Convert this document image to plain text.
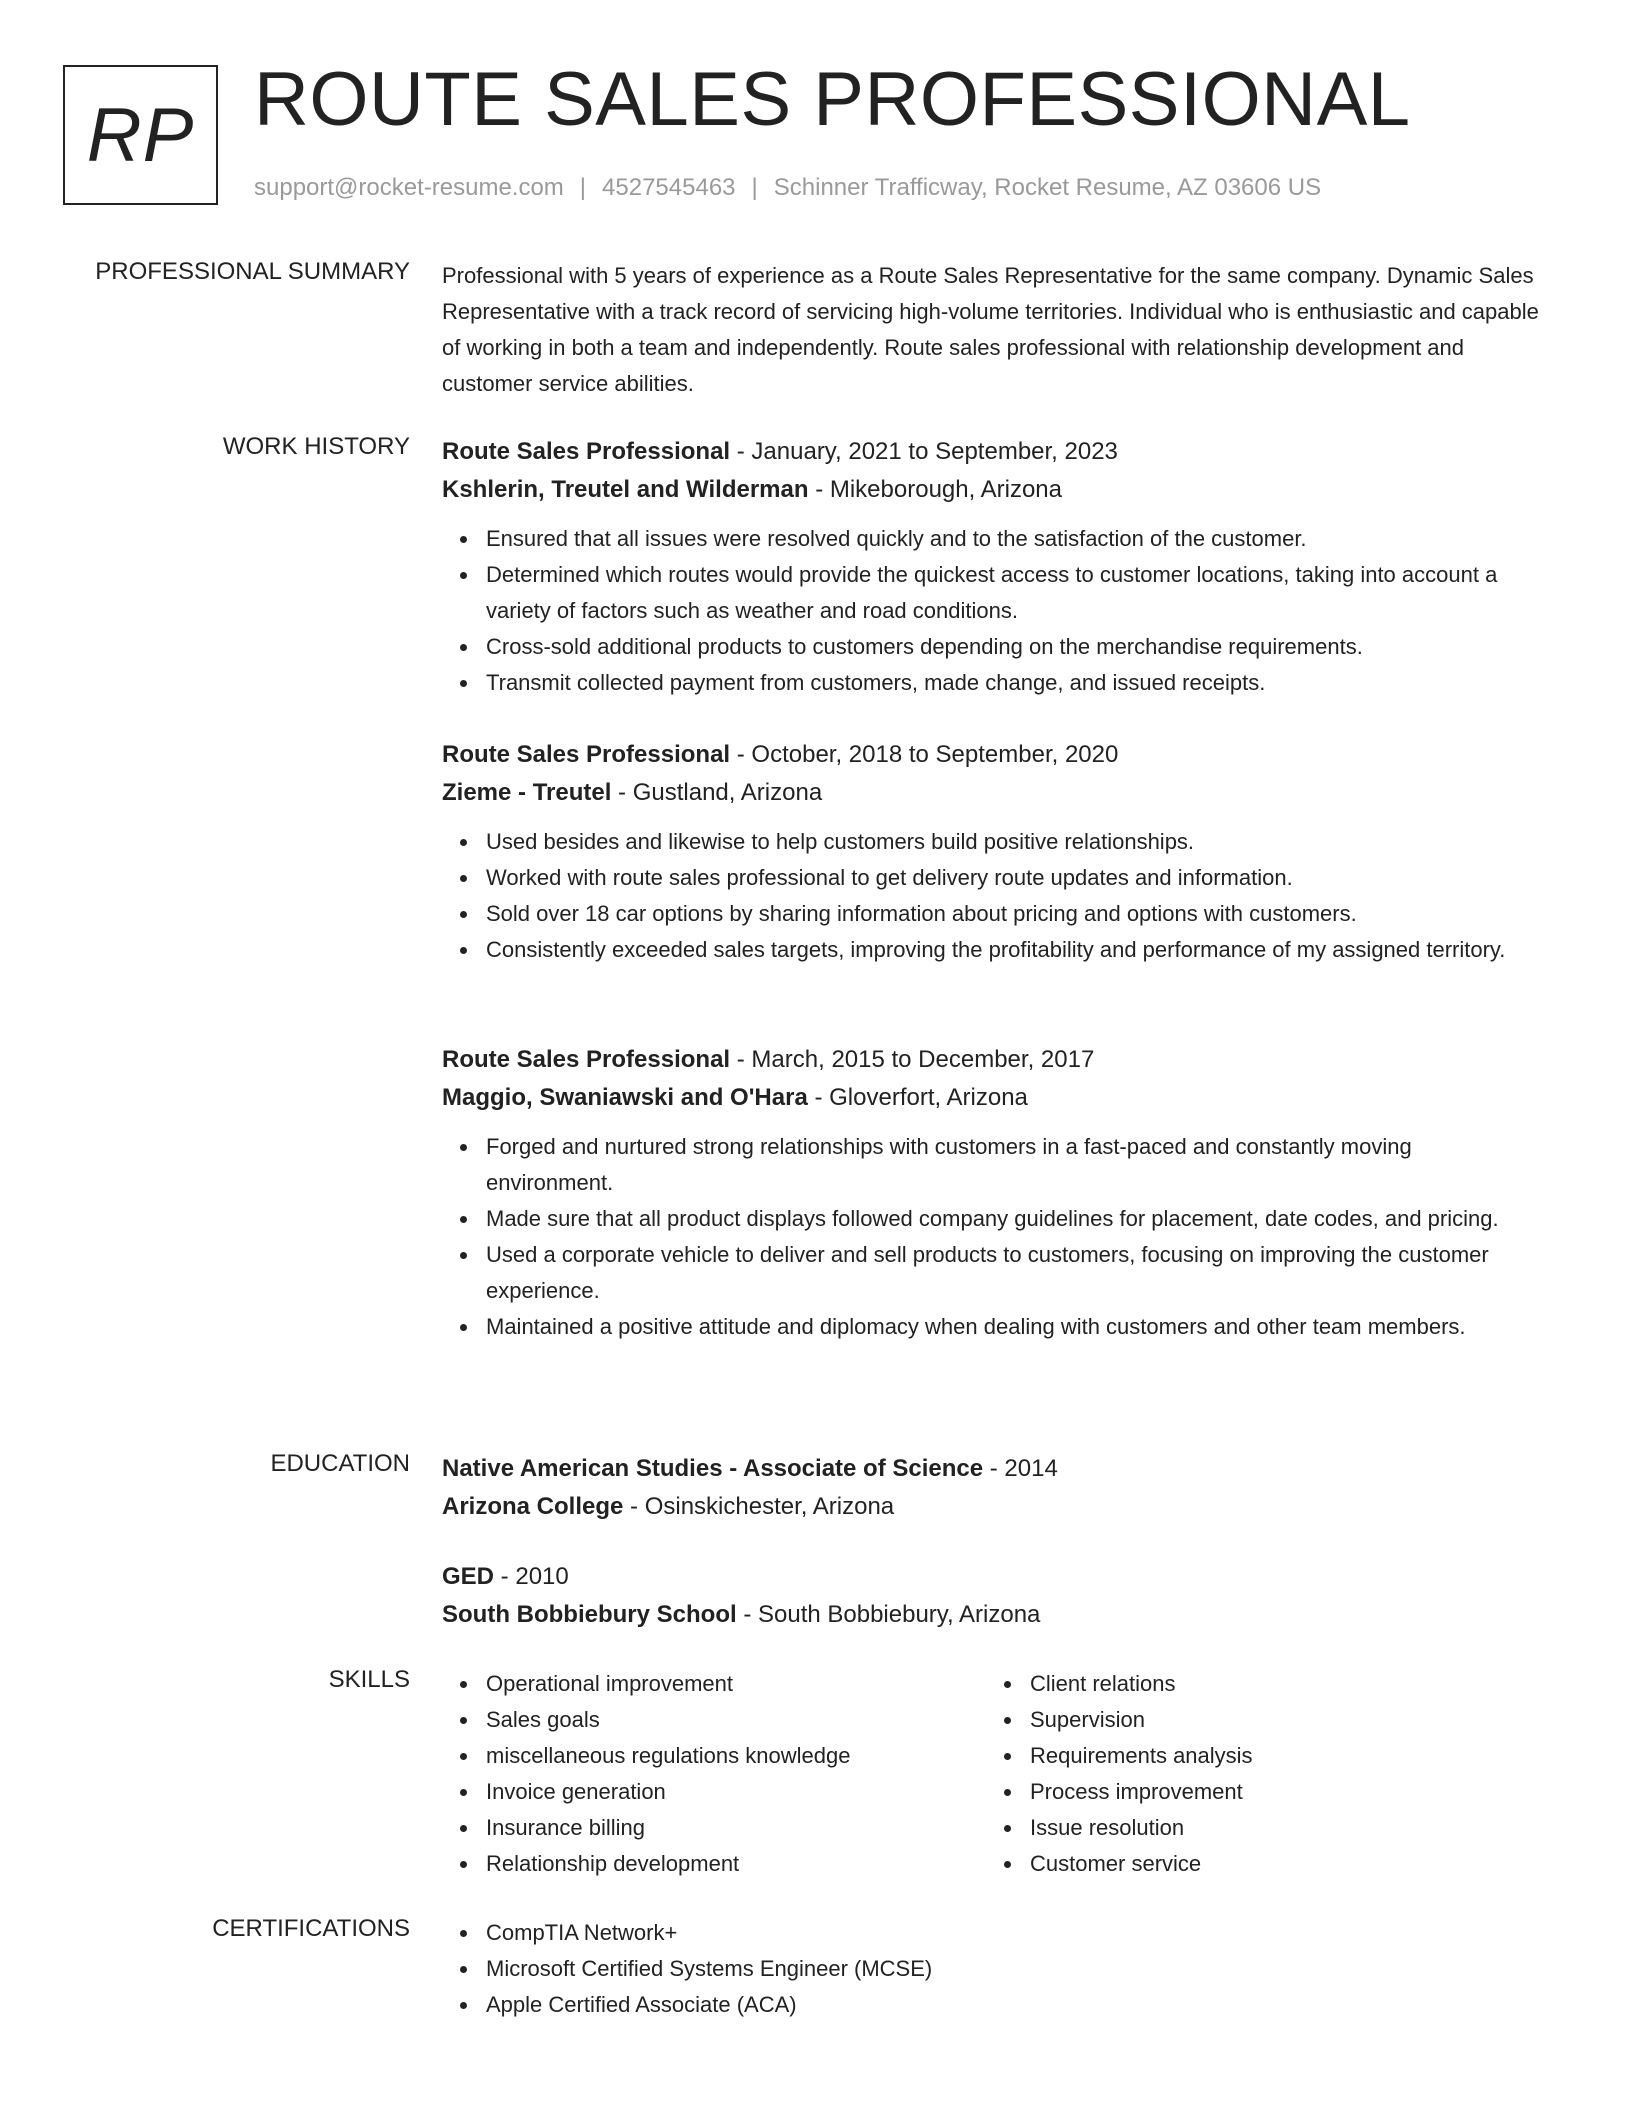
RP ROUTE SALES PROFESSIONAL
support@rocket-resume.com | 4527545463 | Schinner Trafficway, Rocket Resume, AZ 03606 US
PROFESSIONAL SUMMARY Professional with 5 years of experience as a Route Sales Representative for the same company. Dynamic Sales Representative with a track record of servicing high-volume territories. Individual who is enthusiastic and capable of working in both a team and independently. Route sales professional with relationship development and customer service abilities.

WORK HISTORY Route Sales Professional - January, 2021 to September, 2023
Kshlerin, Treutel and Wilderman - Mikeborough, Arizona
Ensured that all issues were resolved quickly and to the satisfaction of the customer.
Determined which routes would provide the quickest access to customer locations, taking into account a variety of factors such as weather and road conditions.
Cross-sold additional products to customers depending on the merchandise requirements.
Transmit collected payment from customers, made change, and issued receipts.
Route Sales Professional - October, 2018 to September, 2020
Zieme - Treutel - Gustland, Arizona
Used besides and likewise to help customers build positive relationships.
Worked with route sales professional to get delivery route updates and information.
Sold over 18 car options by sharing information about pricing and options with customers.
Consistently exceeded sales targets, improving the profitability and performance of my assigned territory.
Route Sales Professional - March, 2015 to December, 2017
Maggio, Swaniawski and O'Hara - Gloverfort, Arizona
Forged and nurtured strong relationships with customers in a fast-paced and constantly moving environment.
Made sure that all product displays followed company guidelines for placement, date codes, and pricing.
Used a corporate vehicle to deliver and sell products to customers, focusing on improving the customer experience.
Maintained a positive attitude and diplomacy when dealing with customers and other team members.
EDUCATION Native American Studies - Associate of Science - 2014
Arizona College - Osinskichester, Arizona
GED - 2010
South Bobbiebury School - South Bobbiebury, Arizona
SKILLS	Operational improvement
Sales goals
miscellaneous regulations knowledge
Invoice generation
Insurance billing
Relationship development
Client relations
Supervision
Requirements analysis
Process improvement
Issue resolution
Customer service
CERTIFICATIONS	CompTIA Network+
Microsoft Certified Systems Engineer (MCSE)
Apple Certified Associate (ACA)
